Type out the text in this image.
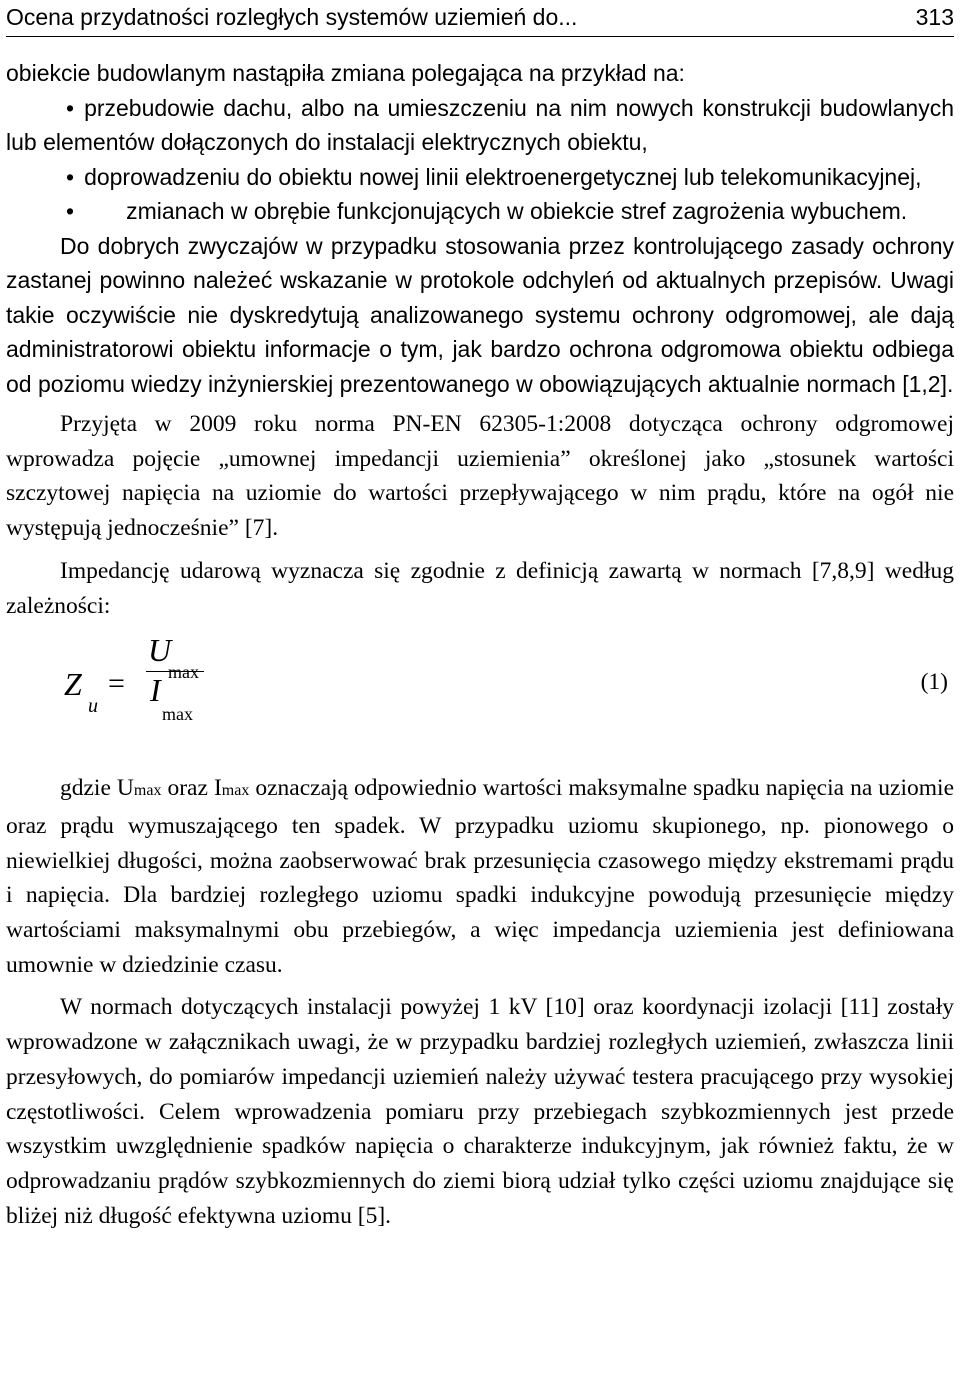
Ocena przydatności rozległych systemów uziemień do...	313

obiekcie budowlanym nastąpiła zmiana polegająca na przykład na:

• przebudowie dachu, albo na umieszczeniu na nim nowych konstrukcji budowlanych lub elementów dołączonych do instalacji elektrycznych obiektu,
• doprowadzeniu do obiektu nowej linii elektroenergetycznej lub telekomunikacyjnej,
• zmianach w obrębie funkcjonujących w obiekcie stref zagrożenia wybuchem.

Do dobrych zwyczajów w przypadku stosowania przez kontrolującego zasady ochrony zastanej powinno należeć wskazanie w protokole odchyleń od aktualnych przepisów. Uwagi takie oczywiście nie dyskredytują analizowanego systemu ochrony odgromowej, ale dają administratorowi obiektu informacje o tym, jak bardzo ochrona odgromowa obiektu odbiega od poziomu wiedzy inżynierskiej prezentowanego w obowiązujących aktualnie normach [1,2].

Przyjęta w 2009 roku norma PN-EN 62305-1:2008 dotycząca ochrony odgromowej wprowadza pojęcie „umownej impedancji uziemienia” określonej jako „stosunek wartości szczytowej napięcia na uziomie do wartości przepływającego w nim prądu, które na ogół nie występują jednocześnie” [7].

Impedancję udarową wyznacza się zgodnie z definicją zawartą w normach [7,8,9] według zależności:

Z
u
=
U
max
I
max
(1)

gdzie Umax oraz Imax oznaczają odpowiednio wartości maksymalne spadku napięcia na uziomie oraz prądu wymuszającego ten spadek. W przypadku uziomu skupionego, np. pionowego o niewielkiej długości, można zaobserwować brak przesunięcia czasowego między ekstremami prądu i napięcia. Dla bardziej rozległego uziomu spadki indukcyjne powodują przesunięcie między wartościami maksymalnymi obu przebiegów, a więc impedancja uziemienia jest definiowana umownie w dziedzinie czasu.

W normach dotyczących instalacji powyżej 1 kV [10] oraz koordynacji izolacji [11] zostały wprowadzone w załącznikach uwagi, że w przypadku bardziej rozległych uziemień, zwłaszcza linii przesyłowych, do pomiarów impedancji uziemień należy używać testera pracującego przy wysokiej częstotliwości. Celem wprowadzenia pomiaru przy przebiegach szybkozmiennych jest przede wszystkim uwzględnienie spadków napięcia o charakterze indukcyjnym, jak również faktu, że w odprowadzaniu prądów szybkozmiennych do ziemi biorą udział tylko części uziomu znajdujące się bliżej niż długość efektywna uziomu [5].
